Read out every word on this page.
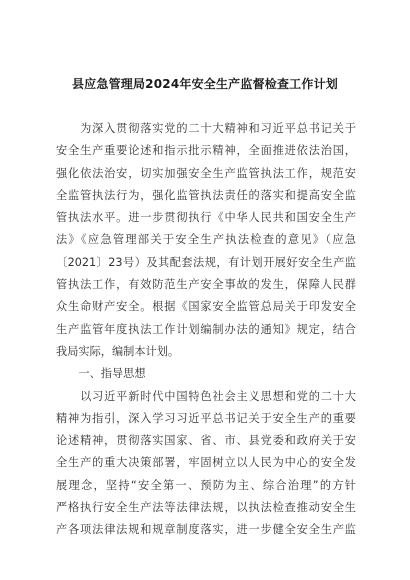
县应急管理局2024年安全生产监督检查工作计划
　　为深入贯彻落实党的二十大精神和习近平总书记关于
安全生产重要论述和指示批示精神，全面推进依法治国，
强化依法治安，切实加强安全生产监管执法工作，规范安
全监管执法行为，强化监管执法责任的落实和提高安全监
管执法水平。进一步贯彻执行《中华人民共和国安全生产
法》《应急管理部关于安全生产执法检查的意见》（应急
〔2021〕23号）及其配套法规，有计划开展好安全生产监
管执法工作，有效防范生产安全事故的发生，保障人民群
众生命财产安全。根据《国家安全监管总局关于印发安全
生产监管年度执法工作计划编制办法的通知》规定，结合
我局实际，编制本计划。
　　一、指导思想
　　以习近平新时代中国特色社会主义思想和党的二十大
精神为指引，深入学习习近平总书记关于安全生产的重要
论述精神，贯彻落实国家、省、市、县党委和政府关于安
全生产的重大决策部署，牢固树立以人民为中心的安全发
展理念，坚持“安全第一、预防为主、综合治理”的方针
严格执行安全生产法等法律法规，以执法检查推动安全生
产各项法律法规和规章制度落实，进一步健全安全生产监
